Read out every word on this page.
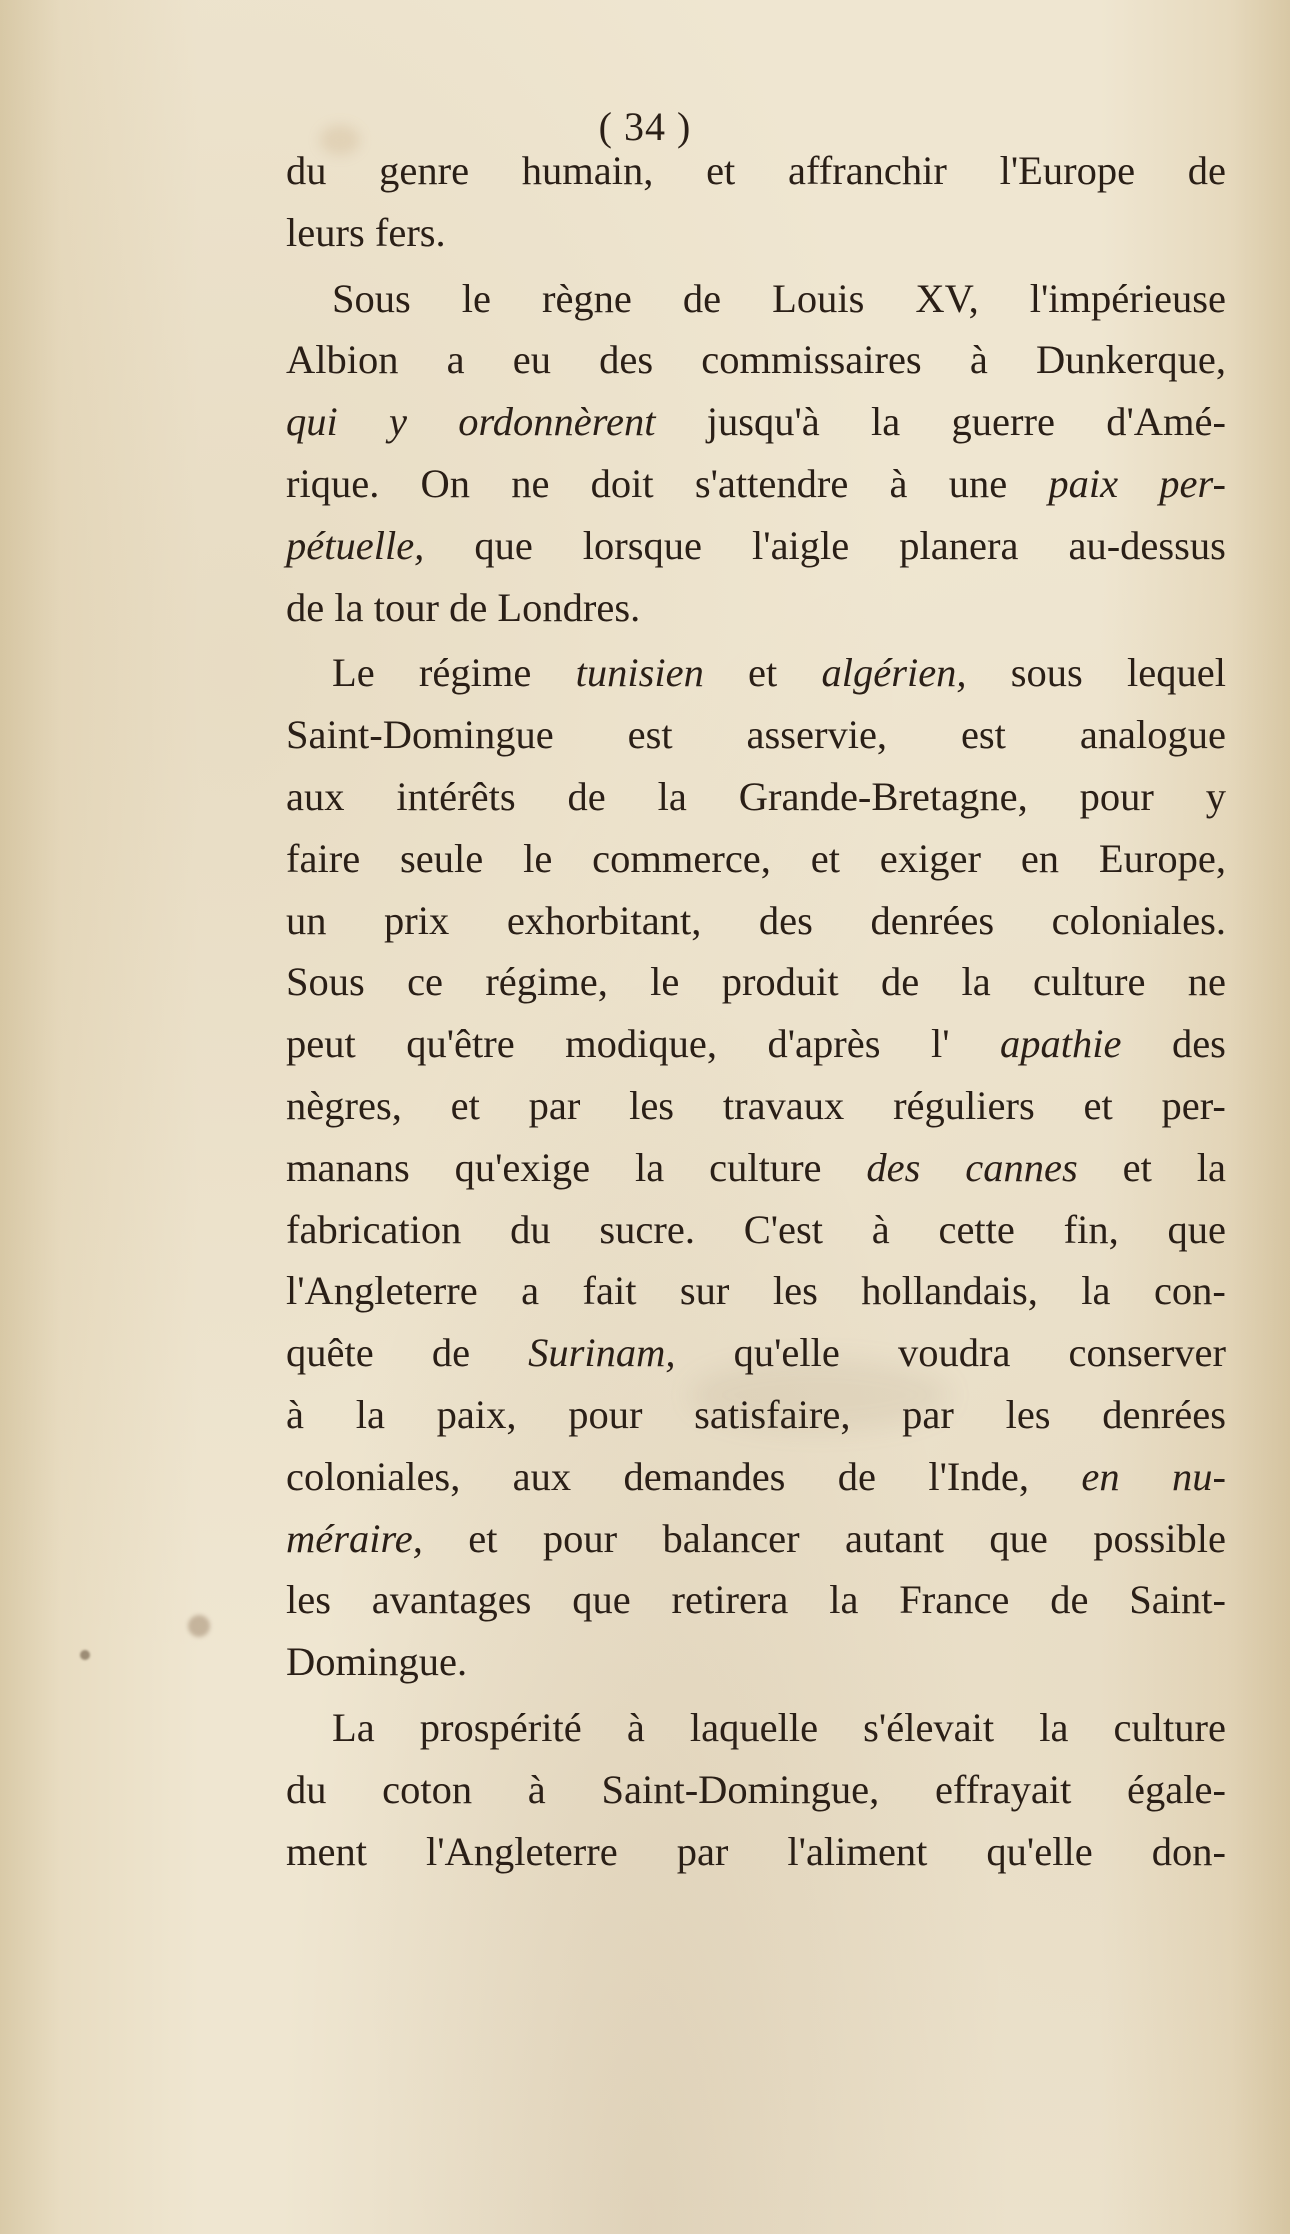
( 34 )
du genre humain, et affranchir l'Europe de
leurs fers.
Sous le règne de Louis XV, l'impérieuse
Albion a eu des commissaires à Dunkerque,
qui y ordonnèrent jusqu'à la guerre d'Amé-
rique. On ne doit s'attendre à une paix per-
pétuelle, que lorsque l'aigle planera au-dessus
de la tour de Londres.
Le régime tunisien et algérien, sous lequel
Saint-Domingue est asservie, est analogue
aux intérêts de la Grande-Bretagne, pour y
faire seule le commerce, et exiger en Europe,
un prix exhorbitant, des denrées coloniales.
Sous ce régime, le produit de la culture ne
peut qu'être modique, d'après l' apathie des
nègres, et par les travaux réguliers et per-
manans qu'exige la culture des cannes et la
fabrication du sucre. C'est à cette fin, que
l'Angleterre a fait sur les hollandais, la con-
quête de Surinam, qu'elle voudra conserver
à la paix, pour satisfaire, par les denrées
coloniales, aux demandes de l'Inde, en nu-
méraire, et pour balancer autant que possible
les avantages que retirera la France de Saint-
Domingue.
La prospérité à laquelle s'élevait la culture
du coton à Saint-Domingue, effrayait égale-
ment l'Angleterre par l'aliment qu'elle don-
